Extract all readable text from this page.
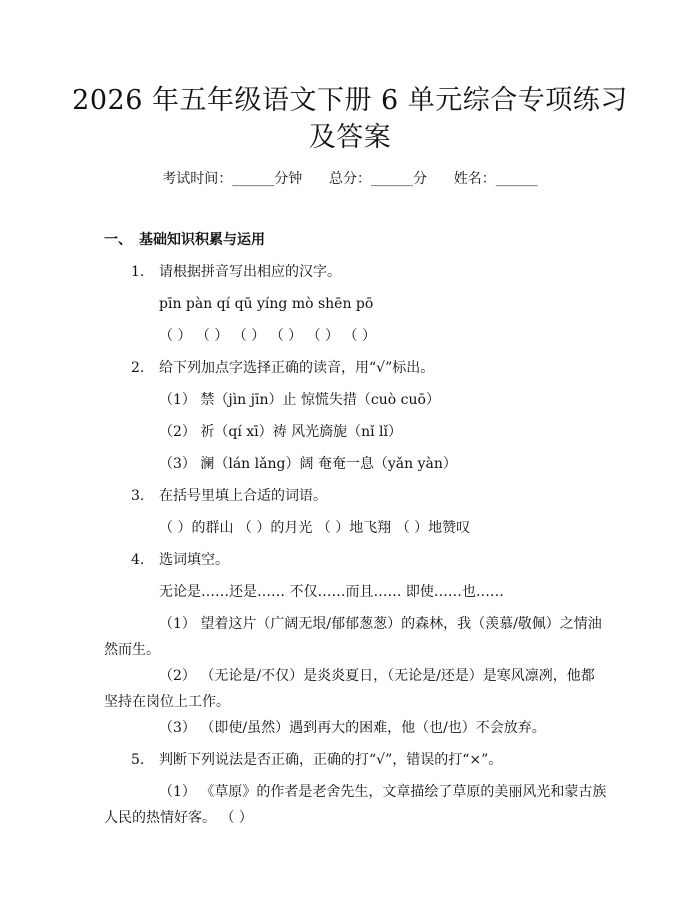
2026 年五年级语文下册 6 单元综合专项练习
及答案
考试时间：______分钟      总分：______分      姓名：______
一、 基础知识积累与运用
1. 请根据拼音写出相应的汉字。
pīn pàn qí qū yíng mò shēn pō
（ ） （ ） （ ） （ ） （ ） （ ）
2. 给下列加点字选择正确的读音，用“√”标出。
（1） 禁（jìn jīn）止 惊慌失措（cuò cuō）
（2） 祈（qí xī）祷 风光旖旎（nǐ lǐ）
（3） 澜（lán lǎng）阔 奄奄一息（yǎn yàn）
3. 在括号里填上合适的词语。
（ ）的群山 （ ）的月光 （ ）地飞翔 （ ）地赞叹
4. 选词填空。
无论是……还是…… 不仅……而且…… 即使……也……
（1） 望着这片（广阔无垠/郁郁葱葱）的森林，我（羡慕/敬佩）之情油
然而生。
（2） （无论是/不仅）是炎炎夏日，（无论是/还是）是寒风凛冽，他都
坚持在岗位上工作。
（3） （即使/虽然）遇到再大的困难，他（也/也）不会放弃。
5. 判断下列说法是否正确，正确的打“√”，错误的打“×”。
（1） 《草原》的作者是老舍先生，文章描绘了草原的美丽风光和蒙古族
人民的热情好客。 （ ）
